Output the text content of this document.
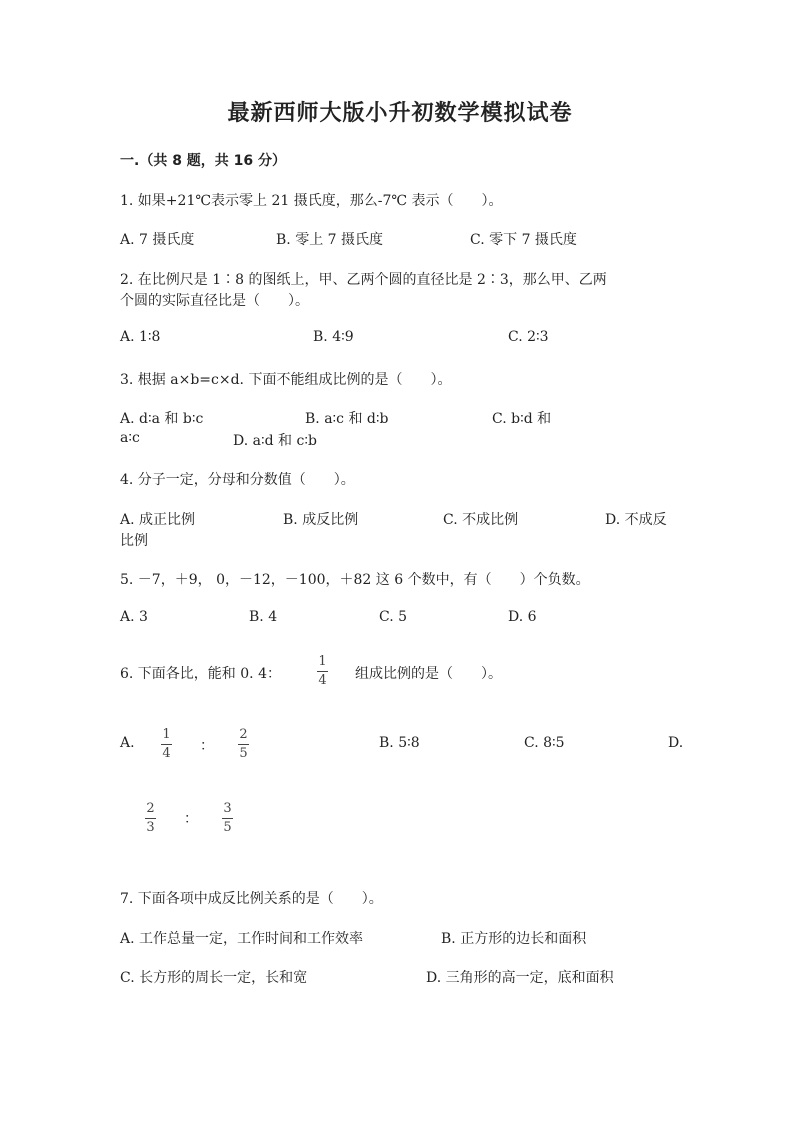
最新西师大版小升初数学模拟试卷
一.（共 8 题，共 16 分）
1. 如果+21℃表示零上 21 摄氏度，那么-7℃ 表示（　　）。
A. 7 摄氏度	B. 零上 7 摄氏度	C. 零下 7 摄氏度
2. 在比例尺是 1∶8 的图纸上，甲、乙两个圆的直径比是 2∶3，那么甲、乙两
个圆的实际直径比是（　　）。
A. 1∶8	B. 4∶9	C. 2∶3
3. 根据 a×b=c×d. 下面不能组成比例的是（　　）。
A. d∶a 和 b∶c	B. a∶c 和 d∶b	C. b∶d 和
a∶c	D. a∶d 和 c∶b
4. 分子一定，分母和分数值（　　）。
A. 成正比例	B. 成反比例	C. 不成比例	D. 不成反
比例
5. －7，＋9， 0，－12，－100，＋82 这 6 个数中，有（　　）个负数。
A. 3	B. 4	C. 5	D. 6
6. 下面各比，能和 0. 4：
1
4 组成比例的是（　　）。
A.
1
4 ：
2
5
B. 5∶8	C. 8∶5	D.
2
3
：
3
5
7. 下面各项中成反比例关系的是（　　）。
A. 工作总量一定，工作时间和工作效率	B. 正方形的边长和面积
C. 长方形的周长一定，长和宽	D. 三角形的高一定，底和面积
